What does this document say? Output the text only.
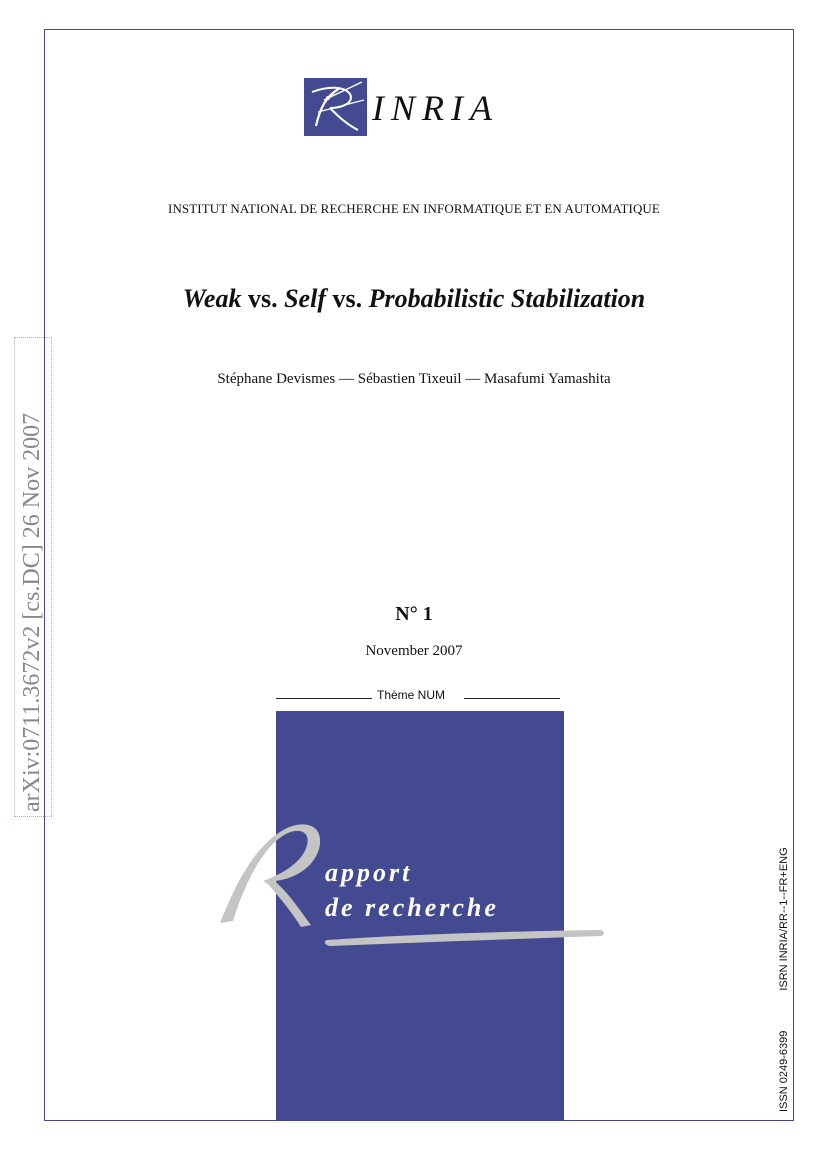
INRIA
INSTITUT NATIONAL DE RECHERCHE EN INFORMATIQUE ET EN AUTOMATIQUE
Weak vs. Self vs. Probabilistic Stabilization
Stéphane Devismes — Sébastien Tixeuil — Masafumi Yamashita
N° 1
November 2007
Thème NUM
apport
de recherche
arXiv:0711.3672v2 [cs.DC] 26 Nov 2007
ISSN 0249-6399ISRN INRIA/RR--1--FR+ENG
